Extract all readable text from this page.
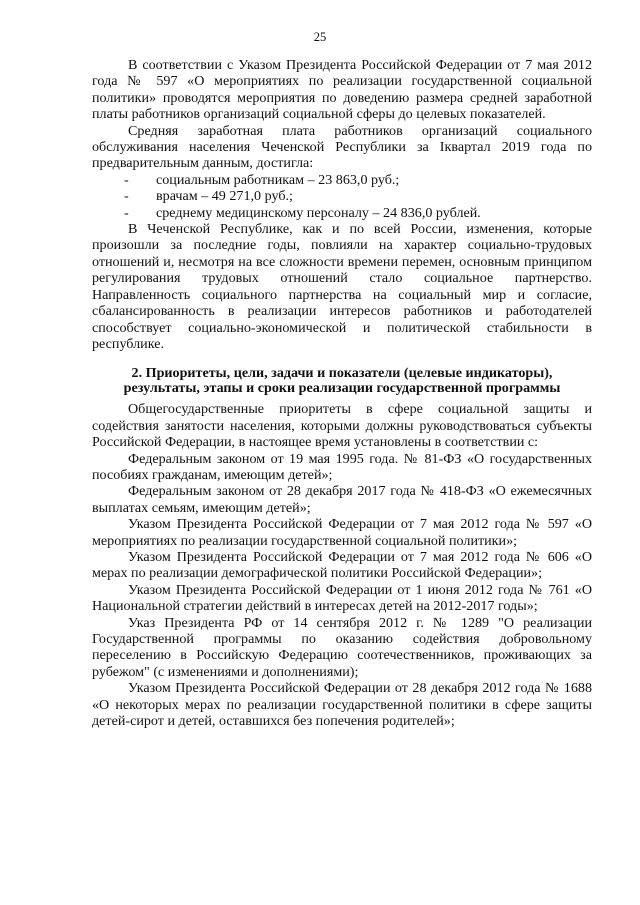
25

В соответствии с Указом Президента Российской Федерации от 7 мая 2012 года № 597 «О мероприятиях по реализации государственной социальной политики» проводятся мероприятия по доведению размера средней заработной платы работников организаций социальной сферы до целевых показателей.

Средняя заработная плата работников организаций социального обслуживания населения Чеченской Республики за Iквартал 2019 года по предварительным данным, достигла:

- социальным работникам – 23 863,0 руб.;
- врачам – 49 271,0 руб.;
- среднему медицинскому персоналу – 24 836,0 рублей.

В Чеченской Республике, как и по всей России, изменения, которые произошли за последние годы, повлияли на характер социально-трудовых отношений и, несмотря на все сложности времени перемен, основным принципом регулирования трудовых отношений стало социальное партнерство. Направленность социального партнерства на социальный мир и согласие, сбалансированность в реализации интересов работников и работодателей способствует социально-экономической и политической стабильности в республике.

2. Приоритеты, цели, задачи и показатели (целевые индикаторы),
результаты, этапы и сроки реализации государственной программы

Общегосударственные приоритеты в сфере социальной защиты и содействия занятости населения, которыми должны руководствоваться субъекты Российской Федерации, в настоящее время установлены в соответствии с:

Федеральным законом от 19 мая 1995 года. № 81-ФЗ «О государственных пособиях гражданам, имеющим детей»;

Федеральным законом от 28 декабря 2017 года № 418-ФЗ «О ежемесячных выплатах семьям, имеющим детей»;

Указом Президента Российской Федерации от 7 мая 2012 года № 597 «О мероприятиях по реализации государственной социальной политики»;

Указом Президента Российской Федерации от 7 мая 2012 года № 606 «О мерах по реализации демографической политики Российской Федерации»;

Указом Президента Российской Федерации от 1 июня 2012 года № 761 «О Национальной стратегии действий в интересах детей на 2012-2017 годы»;

Указ Президента РФ от 14 сентября 2012 г. № 1289 "О реализации Государственной программы по оказанию содействия добровольному переселению в Российскую Федерацию соотечественников, проживающих за рубежом" (с изменениями и дополнениями);

Указом Президента Российской Федерации от 28 декабря 2012 года № 1688 «О некоторых мерах по реализации государственной политики в сфере защиты детей-сирот и детей, оставшихся без попечения родителей»;
